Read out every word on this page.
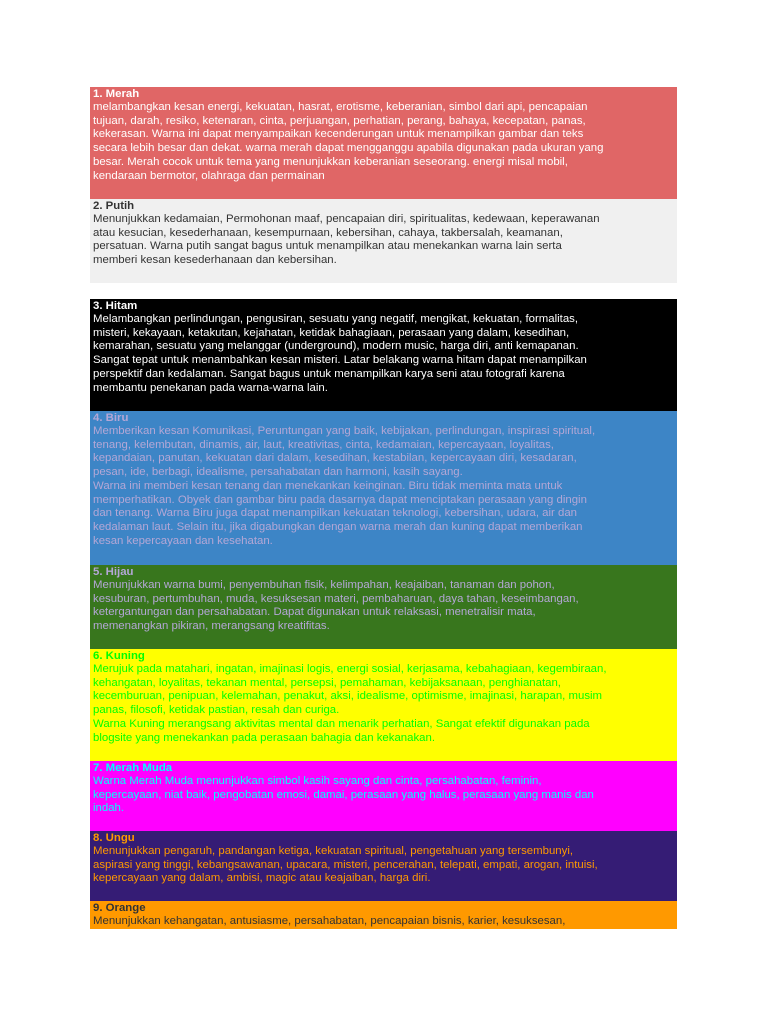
1. Merah
melambangkan kesan energi, kekuatan, hasrat, erotisme, keberanian, simbol dari api, pencapaian
tujuan, darah, resiko, ketenaran, cinta, perjuangan, perhatian, perang, bahaya, kecepatan, panas,
kekerasan. Warna ini dapat menyampaikan kecenderungan untuk menampilkan gambar dan teks
secara lebih besar dan dekat. warna merah dapat mengganggu apabila digunakan pada ukuran yang
besar. Merah cocok untuk tema yang menunjukkan keberanian seseorang. energi misal mobil,
kendaraan bermotor, olahraga dan permainan
2. Putih
Menunjukkan kedamaian, Permohonan maaf, pencapaian diri, spiritualitas, kedewaan, keperawanan
atau kesucian, kesederhanaan, kesempurnaan, kebersihan, cahaya, takbersalah, keamanan,
persatuan. Warna putih sangat bagus untuk menampilkan atau menekankan warna lain serta
memberi kesan kesederhanaan dan kebersihan.
3. Hitam
Melambangkan perlindungan, pengusiran, sesuatu yang negatif, mengikat, kekuatan, formalitas,
misteri, kekayaan, ketakutan, kejahatan, ketidak bahagiaan, perasaan yang dalam, kesedihan,
kemarahan, sesuatu yang melanggar (underground), modern music, harga diri, anti kemapanan.
Sangat tepat untuk menambahkan kesan misteri. Latar belakang warna hitam dapat menampilkan
perspektif dan kedalaman. Sangat bagus untuk menampilkan karya seni atau fotografi karena
membantu penekanan pada warna-warna lain.
4. Biru
Memberikan kesan Komunikasi, Peruntungan yang baik, kebijakan, perlindungan, inspirasi spiritual,
tenang, kelembutan, dinamis, air, laut, kreativitas, cinta, kedamaian, kepercayaan, loyalitas,
kepandaian, panutan, kekuatan dari dalam, kesedihan, kestabilan, kepercayaan diri, kesadaran,
pesan, ide, berbagi, idealisme, persahabatan dan harmoni, kasih sayang.
Warna ini memberi kesan tenang dan menekankan keinginan. Biru tidak meminta mata untuk
memperhatikan. Obyek dan gambar biru pada dasarnya dapat menciptakan perasaan yang dingin
dan tenang. Warna Biru juga dapat menampilkan kekuatan teknologi, kebersihan, udara, air dan
kedalaman laut. Selain itu, jika digabungkan dengan warna merah dan kuning dapat memberikan
kesan kepercayaan dan kesehatan.
5. Hijau
Menunjukkan warna bumi, penyembuhan fisik, kelimpahan, keajaiban, tanaman dan pohon,
kesuburan, pertumbuhan, muda, kesuksesan materi, pembaharuan, daya tahan, keseimbangan,
ketergantungan dan persahabatan. Dapat digunakan untuk relaksasi, menetralisir mata,
memenangkan pikiran, merangsang kreatifitas.
6. Kuning
Merujuk pada matahari, ingatan, imajinasi logis, energi sosial, kerjasama, kebahagiaan, kegembiraan,
kehangatan, loyalitas, tekanan mental, persepsi, pemahaman, kebijaksanaan, penghianatan,
kecemburuan, penipuan, kelemahan, penakut, aksi, idealisme, optimisme, imajinasi, harapan, musim
panas, filosofi, ketidak pastian, resah dan curiga.
Warna Kuning merangsang aktivitas mental dan menarik perhatian, Sangat efektif digunakan pada
blogsite yang menekankan pada perasaan bahagia dan kekanakan.
7. Merah Muda
Warna Merah Muda menunjukkan simbol kasih sayang dan cinta, persahabatan, feminin,
kepercayaan, niat baik, pengobatan emosi, damai, perasaan yang halus, perasaan yang manis dan
indah.
8. Ungu
Menunjukkan pengaruh, pandangan ketiga, kekuatan spiritual, pengetahuan yang tersembunyi,
aspirasi yang tinggi, kebangsawanan, upacara, misteri, pencerahan, telepati, empati, arogan, intuisi,
kepercayaan yang dalam, ambisi, magic atau keajaiban, harga diri.
9. Orange
Menunjukkan kehangatan, antusiasme, persahabatan, pencapaian bisnis, karier, kesuksesan,
